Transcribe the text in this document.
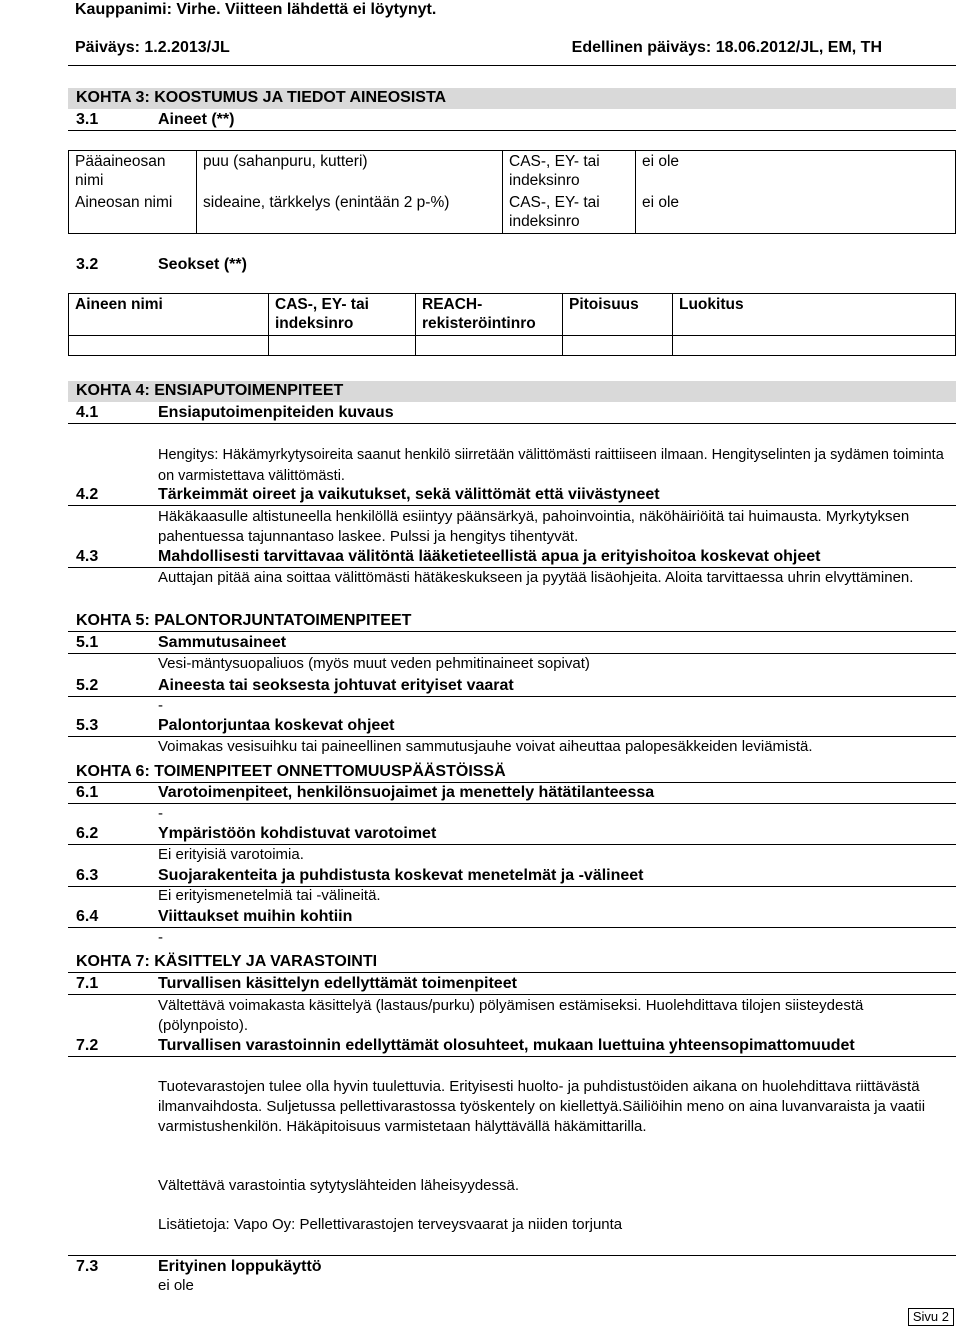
Kauppanimi: Virhe. Viitteen lähdettä ei löytynyt.
Päiväys: 1.2.2013/JL	Edellinen päiväys: 18.06.2012/JL, EM, TH
KOHTA 3: KOOSTUMUS JA TIEDOT AINEOSISTA
3.1	Aineet (**)
Pääaineosan nimi	puu (sahanpuru, kutteri)	CAS-, EY- tai indeksinro	ei ole
Aineosan nimi	sideaine, tärkkelys (enintään 2 p-%)	CAS-, EY- tai indeksinro	ei ole
3.2	Seokset (**)
Aineen nimi	CAS-, EY- tai indeksinro	REACH-rekisteröintinro	Pitoisuus	Luokitus

KOHTA 4: ENSIAPUTOIMENPITEET
4.1	Ensiaputoimenpiteiden kuvaus
Hengitys: Häkämyrkytysoireita saanut henkilö siirretään välittömästi raittiiseen ilmaan. Hengityselinten ja sydämen toiminta on varmistettava välittömästi.
4.2	Tärkeimmät oireet ja vaikutukset, sekä välittömät että viivästyneet
Häkäkaasulle altistuneella henkilöllä esiintyy päänsärkyä, pahoinvointia, näköhäiriöitä tai huimausta. Myrkytyksen pahentuessa tajunnantaso laskee. Pulssi ja hengitys tihentyvät.
4.3	Mahdollisesti tarvittavaa välitöntä lääketieteellistä apua ja erityishoitoa koskevat ohjeet
Auttajan pitää aina soittaa välittömästi hätäkeskukseen ja pyytää lisäohjeita. Aloita tarvittaessa uhrin elvyttäminen.
KOHTA 5: PALONTORJUNTATOIMENPITEET
5.1	Sammutusaineet
Vesi-mäntysuopaliuos (myös muut veden pehmitinaineet sopivat)
5.2	Aineesta tai seoksesta johtuvat erityiset vaarat
-
5.3	Palontorjuntaa koskevat ohjeet
Voimakas vesisuihku tai paineellinen sammutusjauhe voivat aiheuttaa palopesäkkeiden leviämistä.
KOHTA 6: TOIMENPITEET ONNETTOMUUSPÄÄSTÖISSÄ
6.1	Varotoimenpiteet, henkilönsuojaimet ja menettely hätätilanteessa
-
6.2	Ympäristöön kohdistuvat varotoimet
Ei erityisiä varotoimia.
6.3	Suojarakenteita ja puhdistusta koskevat menetelmät ja -välineet
Ei erityismenetelmiä tai -välineitä.
6.4	Viittaukset muihin kohtiin
-
KOHTA 7: KÄSITTELY JA VARASTOINTI
7.1	Turvallisen käsittelyn edellyttämät toimenpiteet
Vältettävä voimakasta käsittelyä (lastaus/purku) pölyämisen estämiseksi. Huolehdittava tilojen siisteydestä (pölynpoisto).
7.2	Turvallisen varastoinnin edellyttämät olosuhteet, mukaan luettuina yhteensopimattomuudet
Tuotevarastojen tulee olla hyvin tuulettuvia. Erityisesti huolto- ja puhdistustöiden aikana on huolehdittava riittävästä ilmanvaihdosta. Suljetussa pellettivarastossa työskentely on kiellettyä.Säiliöihin meno on aina luvanvaraista ja vaatii varmistushenkilön. Häkäpitoisuus varmistetaan hälyttävällä häkämittarilla.
Vältettävä varastointia sytytyslähteiden läheisyydessä.
Lisätietoja: Vapo Oy: Pellettivarastojen terveysvaarat ja niiden torjunta
7.3	Erityinen loppukäyttö
ei ole
Sivu 2
